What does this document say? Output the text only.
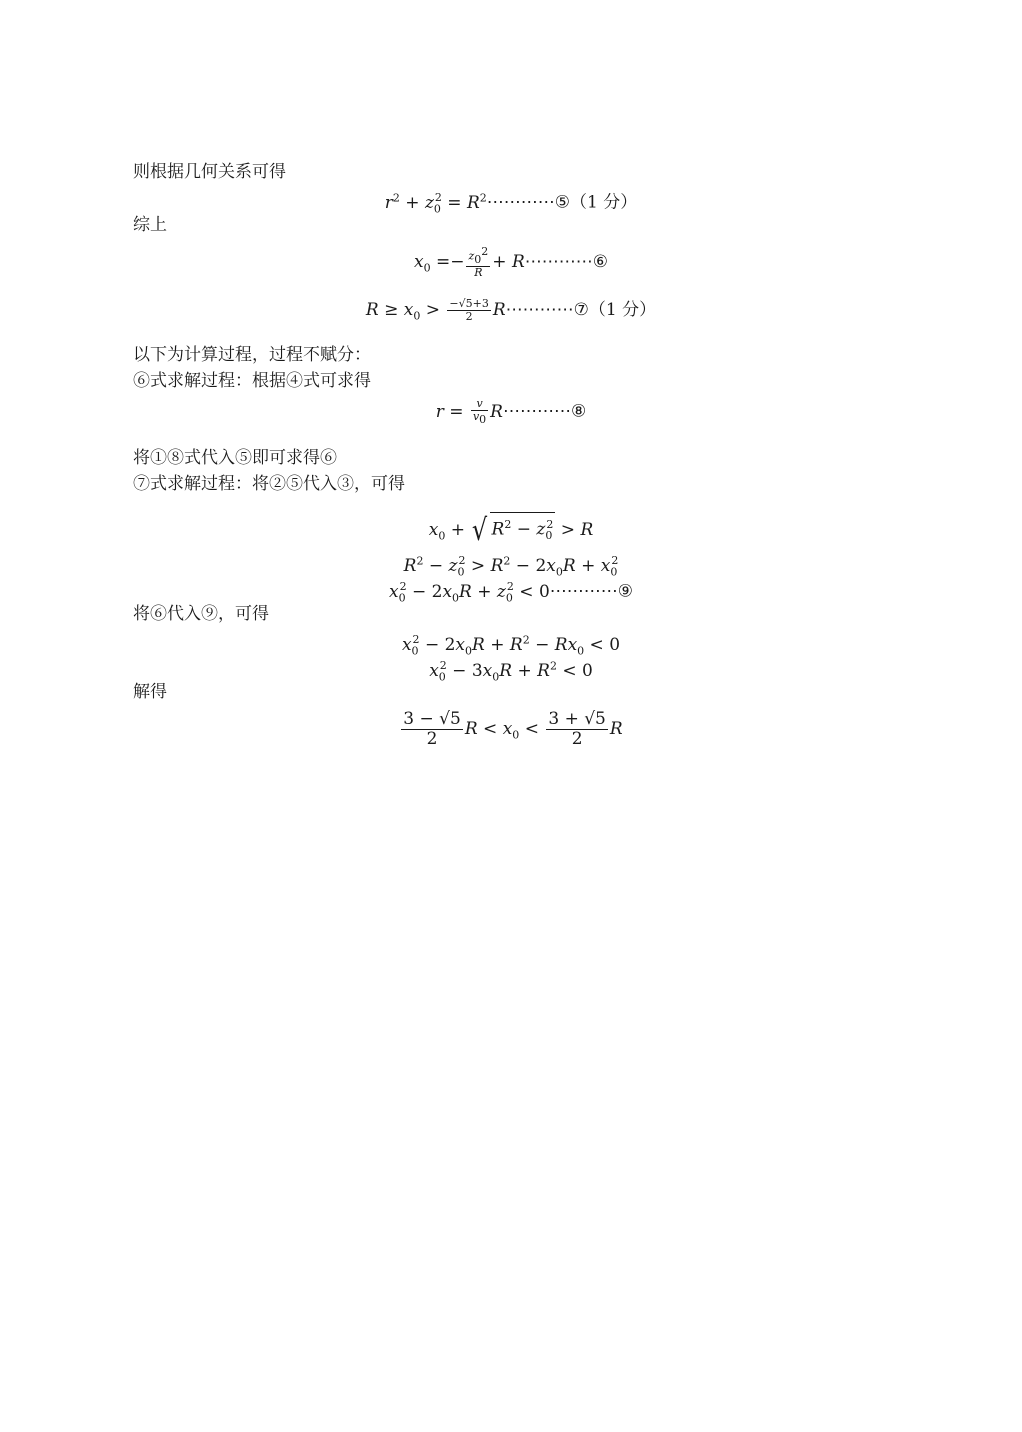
则根据几何关系可得
$r^2 + z_0^2$ = $R^2\cdots\cdots\cdots\cdots ⑤(1$ 分）
综上
$x_0 =- \frac{z_0^2}{R}$ + R⋯⋯⋯⋯⑥
$R \ge x_0 > \frac{-√5+3}{2}$ R⋯⋯⋯⋯⑦（1 分）
以下为计算过程，过程不赋分：
⑥式求解过程：根据④式可求得
$r = \frac{v}{v_0}$ R⋯⋯⋯⋯⑧
将①⑧式代入⑤即可求得⑥
⑦式求解过程：将②⑤代入③，可得
$x_0$ + √ $R^2 - z_0^2 > R$
$R^2 - z_0^2 > R^2 - 2x_0R + x_0^2$
$x_0^2 - 2x_0R + z_0^2$ < 0⋯⋯⋯⋯⑨
将⑥代入⑨，可得
$x_0^2 - 2x_0R + R^2 - Rx_0 < 0$
$x_0^2 - 3x_0R + R^2 < 0$
解得
$\frac{3 - √5}{2}$ $R < x_0 < \frac{3 + √5}{2}$ R
